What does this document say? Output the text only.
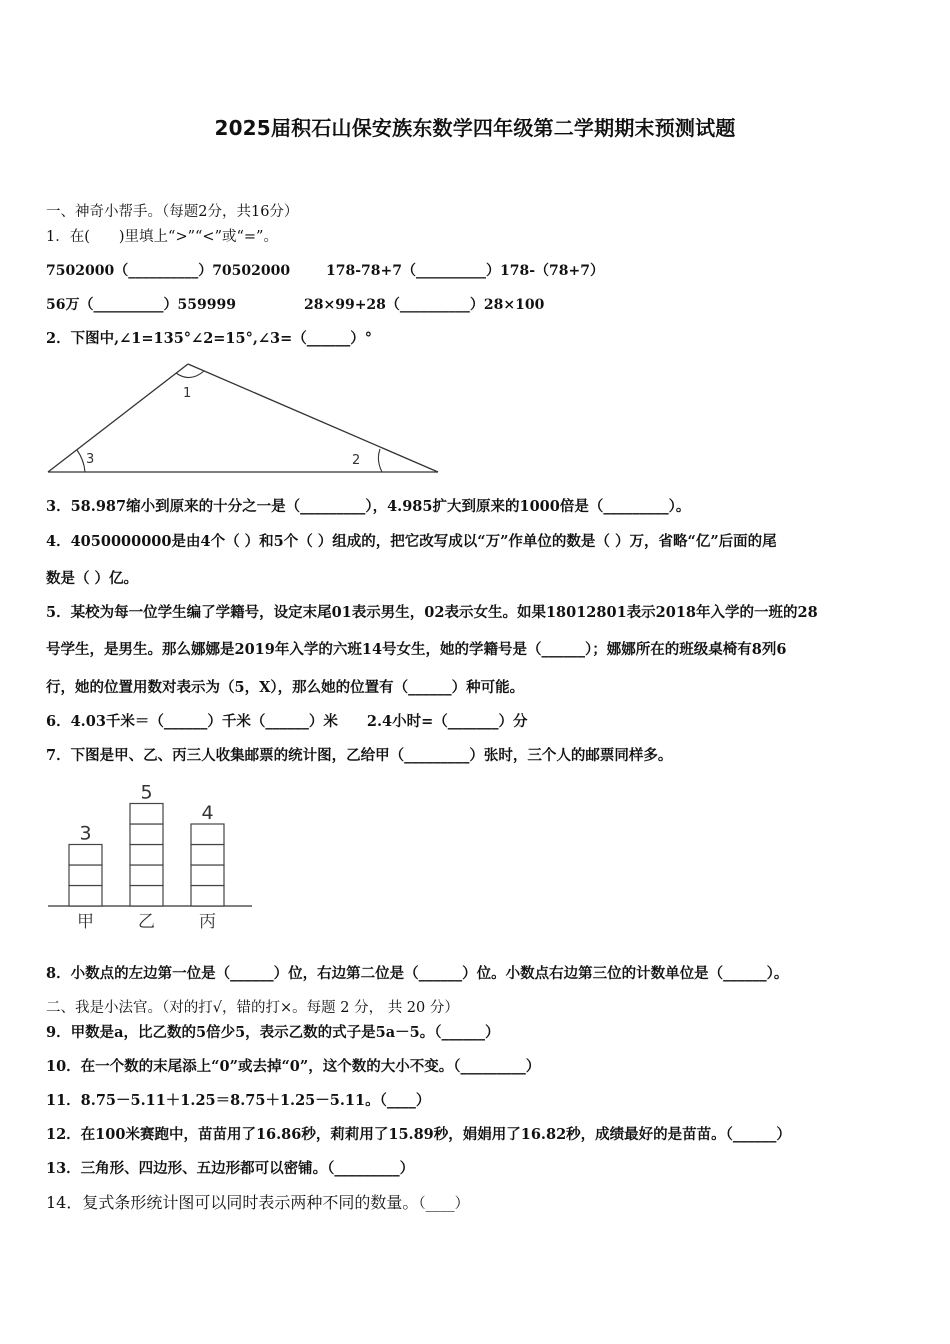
2025届积石山保安族东数学四年级第二学期期末预测试题
一、神奇小帮手。（每题2分，共16分）
1．在(　　)里填上“>”“<”或“=”。
7502000（__________）70502000	178-78+7（__________）178-（78+7）
56万（__________）559999	28×99+28（__________）28×100
2．下图中,∠1=135°∠2=15°,∠3=（______）°
1
2
3
3．58.987缩小到原来的十分之一是（_________），4.985扩大到原来的1000倍是（_________）。
4．4050000000是由4个（ ）和5个（ ）组成的，把它改写成以“万”作单位的数是（ ）万，省略“亿”后面的尾
数是（ ）亿。
5．某校为每一位学生编了学籍号，设定末尾01表示男生，02表示女生。如果18012801表示2018年入学的一班的28
号学生，是男生。那么娜娜是2019年入学的六班14号女生，她的学籍号是（______）；娜娜所在的班级桌椅有8列6
行，她的位置用数对表示为（5，X），那么她的位置有（______）种可能。
6．4.03千米＝（______）千米（______）米　　2.4小时=（_______）分
7．下图是甲、乙、丙三人收集邮票的统计图，乙给甲（_________）张时，三个人的邮票同样多。
3
甲
5
乙
4
丙
8．小数点的左边第一位是（______）位，右边第二位是（______）位。小数点右边第三位的计数单位是（______）。
二、我是小法官。（对的打√，错的打×。每题 2 分， 共 20 分）
9．甲数是a，比乙数的5倍少5，表示乙数的式子是5a－5。（______）
10．在一个数的末尾添上“0”或去掉“0”，这个数的大小不变。（_________）
11．8.75－5.11＋1.25＝8.75＋1.25－5.11。（____）
12．在100米赛跑中，苗苗用了16.86秒，莉莉用了15.89秒，娟娟用了16.82秒，成绩最好的是苗苗。（______）
13．三角形、四边形、五边形都可以密铺。（_________）
14．复式条形统计图可以同时表示两种不同的数量。（____）
